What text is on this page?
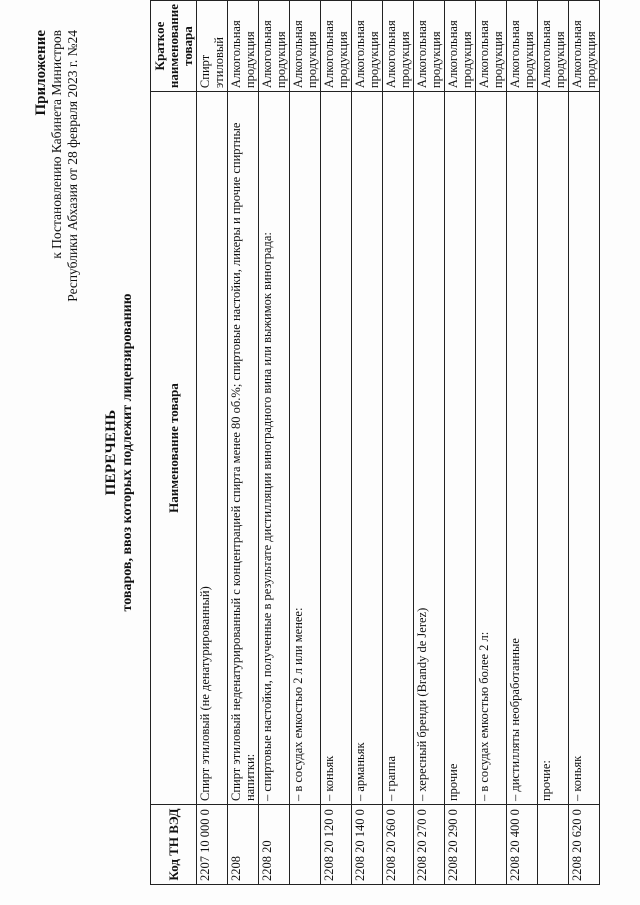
Приложение к Постановлению Кабинета Министров Республики Абхазия от 28 февраля 2023 г. №24
ПЕРЕЧЕНЬ товаров, ввоз которых подлежит лицензированию
Код ТН ВЭД	Наименование товара	Краткое наименование товара
2207 10 000 0	Спирт этиловый (не денатурированный)	Спирт этиловый
2208	Спирт этиловый неденатурированный с концентрацией спирта менее 80 об.%; спиртовые настойки, ликеры и прочие спиртные напитки:	Алкогольная продукция
2208 20	– спиртовые настойки, полученные в результате дистилляции виноградного вина или выжимок винограда:	Алкогольная продукция
	– в сосудах емкостью 2 л или менее:	Алкогольная продукция
2208 20 120 0	– коньяк	Алкогольная продукция
2208 20 140 0	– арманьяк	Алкогольная продукция
2208 20 260 0	– граппа	Алкогольная продукция
2208 20 270 0	– хересный бренди (Brandy de Jerez)	Алкогольная продукция
2208 20 290 0	прочие	Алкогольная продукция
	– в сосудах емкостью более 2 л:	Алкогольная продукция
2208 20 400 0	– дистилляты необработанные	Алкогольная продукция
	прочие:	Алкогольная продукция
2208 20 620 0	– коньяк	Алкогольная продукция
